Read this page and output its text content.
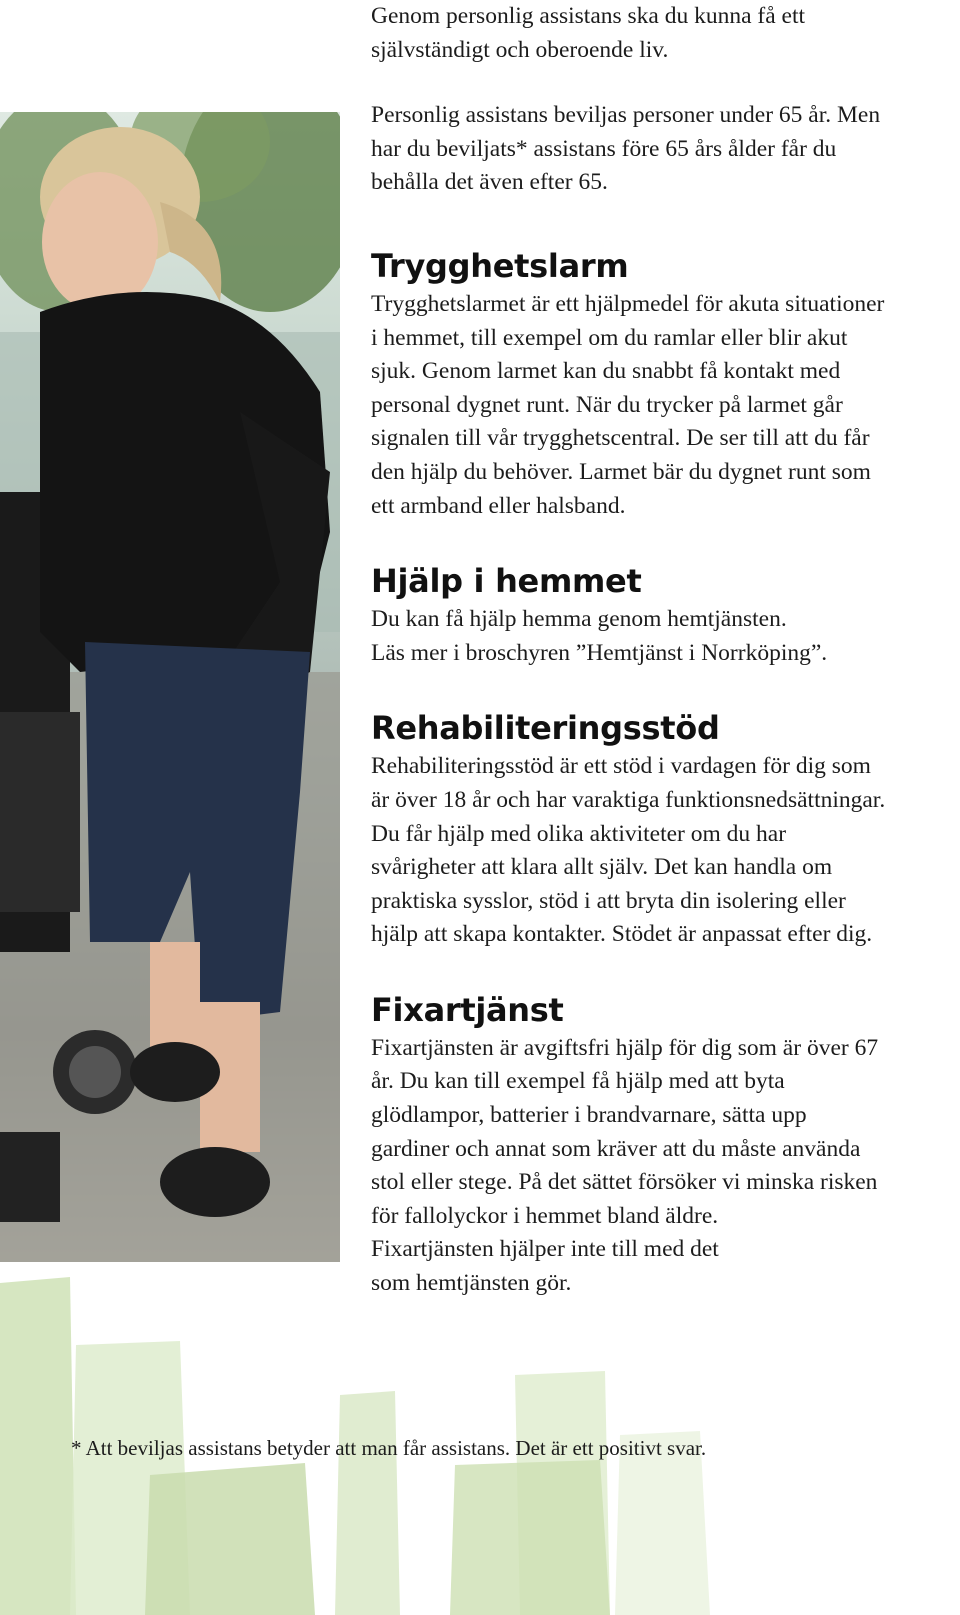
Genom personlig assistans ska du kunna få ett
självständigt och oberoende liv.

Personlig assistans beviljas personer under 65 år. Men
har du beviljats* assistans före 65 års ålder får du
behålla det även efter 65.

Trygghetslarm

Trygghetslarmet är ett hjälpmedel för akuta situationer
i hemmet, till exempel om du ramlar eller blir akut
sjuk. Genom larmet kan du snabbt få kontakt med
personal dygnet runt. När du trycker på larmet går
signalen till vår trygghetscentral. De ser till att du får
den hjälp du behöver. Larmet bär du dygnet runt som
ett armband eller halsband.

Hjälp i hemmet

Du kan få hjälp hemma genom hemtjänsten.
Läs mer i broschyren ”Hemtjänst i Norrköping”.

Rehabiliteringsstöd

Rehabiliteringsstöd är ett stöd i vardagen för dig som
är över 18 år och har varaktiga funktionsnedsättningar.
Du får hjälp med olika aktiviteter om du har
svårigheter att klara allt själv. Det kan handla om
praktiska sysslor, stöd i att bryta din isolering eller
hjälp att skapa kontakter. Stödet är anpassat efter dig.

Fixartjänst

Fixartjänsten är avgiftsfri hjälp för dig som är över 67
år. Du kan till exempel få hjälp med att byta
glödlampor, batterier i brandvarnare, sätta upp
gardiner och annat som kräver att du måste använda
stol eller stege. På det sättet försöker vi minska risken
för fallolyckor i hemmet bland äldre.
Fixartjänsten hjälper inte till med det
som hemtjänsten gör.

* Att beviljas assistans betyder att man får assistans. Det är ett positivt svar.
